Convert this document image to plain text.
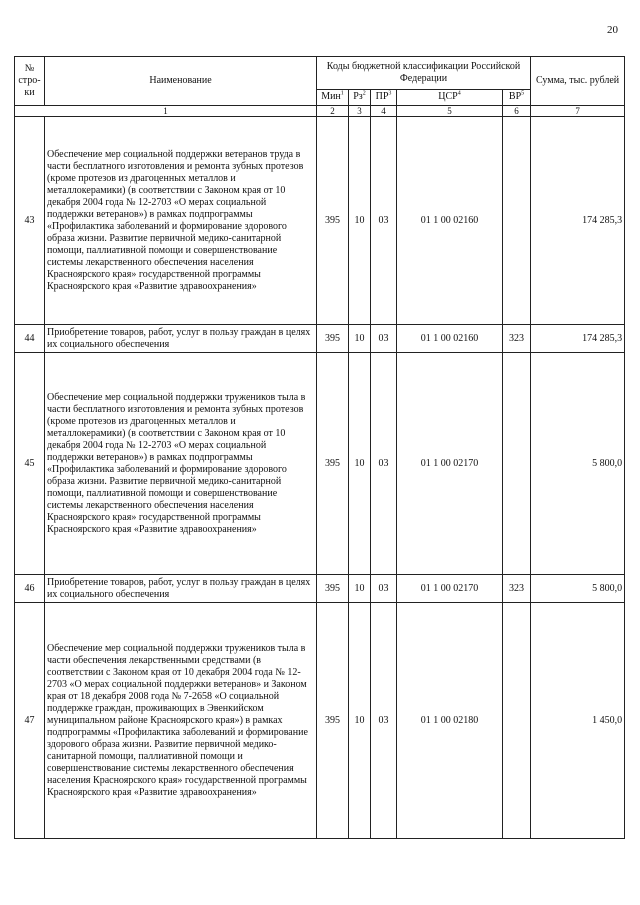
20
№ стро-ки	Наименование	Коды бюджетной классификации Российской Федерации					Сумма, тыс. рублей
		Мин$^1$	$Рз^2$	$ПР^3$	ЦСР$^4$	$ВР^5$
1		2	3	4	5	6	7
43	Обеспечение мер социальной поддержки ветеранов труда в части бесплатного изготовления и ремонта зубных протезов (кроме протезов из драгоценных металлов и металлокерамики) (в соответствии с Законом края от 10 декабря 2004 года № 12-2703 «О мерах социальной поддержки ветеранов») в рамках подпрограммы «Профилактика заболеваний и формирование здорового образа жизни. Развитие первичной медико-санитарной помощи, паллиативной помощи и совершенствование системы лекарственного обеспечения населения Красноярского края» государственной программы Красноярского края «Развитие здравоохранения»	395	10	03	01 1 00 02160		174 285,3
44	Приобретение товаров, работ, услуг в пользу граждан в целях их социального обеспечения	395	10	03	01 1 00 02160	323	174 285,3
45	Обеспечение мер социальной поддержки тружеников тыла в части бесплатного изготовления и ремонта зубных протезов (кроме протезов из драгоценных металлов и металлокерамики) (в соответствии с Законом края от 10 декабря 2004 года № 12-2703 «О мерах социальной поддержки ветеранов») в рамках подпрограммы «Профилактика заболеваний и формирование здорового образа жизни. Развитие первичной медико-санитарной помощи, паллиативной помощи и совершенствование системы лекарственного обеспечения населения Красноярского края» государственной программы Красноярского края «Развитие здравоохранения»	395	10	03	01 1 00 02170		5 800,0
46	Приобретение товаров, работ, услуг в пользу граждан в целях их социального обеспечения	395	10	03	01 1 00 02170	323	5 800,0
47	Обеспечение мер социальной поддержки тружеников тыла в части обеспечения лекарственными средствами (в соответствии с Законом края от 10 декабря 2004 года № 12-2703 «О мерах социальной поддержки ветеранов» и Законом края от 18 декабря 2008 года № 7-2658 «О социальной поддержке граждан, проживающих в Эвенкийском муниципальном районе Красноярского края») в рамках подпрограммы «Профилактика заболеваний и формирование здорового образа жизни. Развитие первичной медико-санитарной помощи, паллиативной помощи и совершенствование системы лекарственного обеспечения населения Красноярского края» государственной программы Красноярского края «Развитие здравоохранения»	395	10	03	01 1 00 02180		1 450,0
